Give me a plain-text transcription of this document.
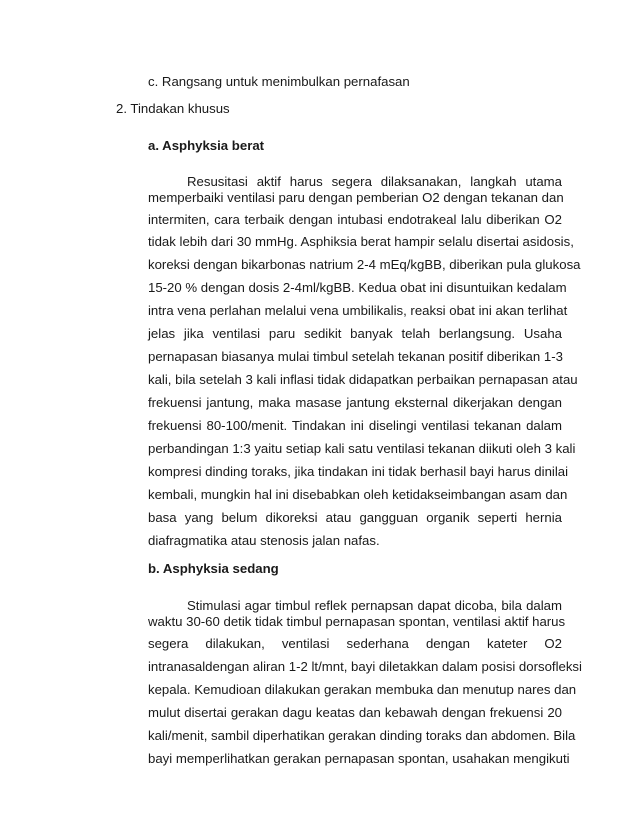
c. Rangsang untuk menimbulkan pernafasan

2. Tindakan khusus

a. Asphyksia berat

Resusitasi aktif harus segera dilaksanakan, langkah utama
memperbaiki ventilasi paru dengan pemberian O2 dengan tekanan dan
intermiten, cara terbaik dengan intubasi endotrakeal lalu diberikan O2
tidak lebih dari 30 mmHg. Asphiksia berat hampir selalu disertai asidosis,
koreksi dengan bikarbonas natrium 2-4 mEq/kgBB, diberikan pula glukosa
15-20 % dengan dosis 2-4ml/kgBB. Kedua obat ini disuntuikan kedalam
intra vena perlahan melalui vena umbilikalis, reaksi obat ini akan terlihat
jelas jika ventilasi paru sedikit banyak telah berlangsung. Usaha
pernapasan biasanya mulai timbul setelah tekanan positif diberikan 1-3
kali, bila setelah 3 kali inflasi tidak didapatkan perbaikan pernapasan atau
frekuensi jantung, maka masase jantung eksternal dikerjakan dengan
frekuensi 80-100/menit. Tindakan ini diselingi ventilasi tekanan dalam
perbandingan 1:3 yaitu setiap kali satu ventilasi tekanan diikuti oleh 3 kali
kompresi dinding toraks, jika tindakan ini tidak berhasil bayi harus dinilai
kembali, mungkin hal ini disebabkan oleh ketidakseimbangan asam dan
basa yang belum dikoreksi atau gangguan organik seperti hernia
diafragmatika atau stenosis jalan nafas.

b. Asphyksia sedang

Stimulasi agar timbul reflek pernapsan dapat dicoba, bila dalam
waktu 30-60 detik tidak timbul pernapasan spontan, ventilasi aktif harus
segera dilakukan, ventilasi sederhana dengan kateter O2
intranasaldengan aliran 1-2 lt/mnt, bayi diletakkan dalam posisi dorsofleksi
kepala. Kemudioan dilakukan gerakan membuka dan menutup nares dan
mulut disertai gerakan dagu keatas dan kebawah dengan frekuensi 20
kali/menit, sambil diperhatikan gerakan dinding toraks dan abdomen. Bila
bayi memperlihatkan gerakan pernapasan spontan, usahakan mengikuti
